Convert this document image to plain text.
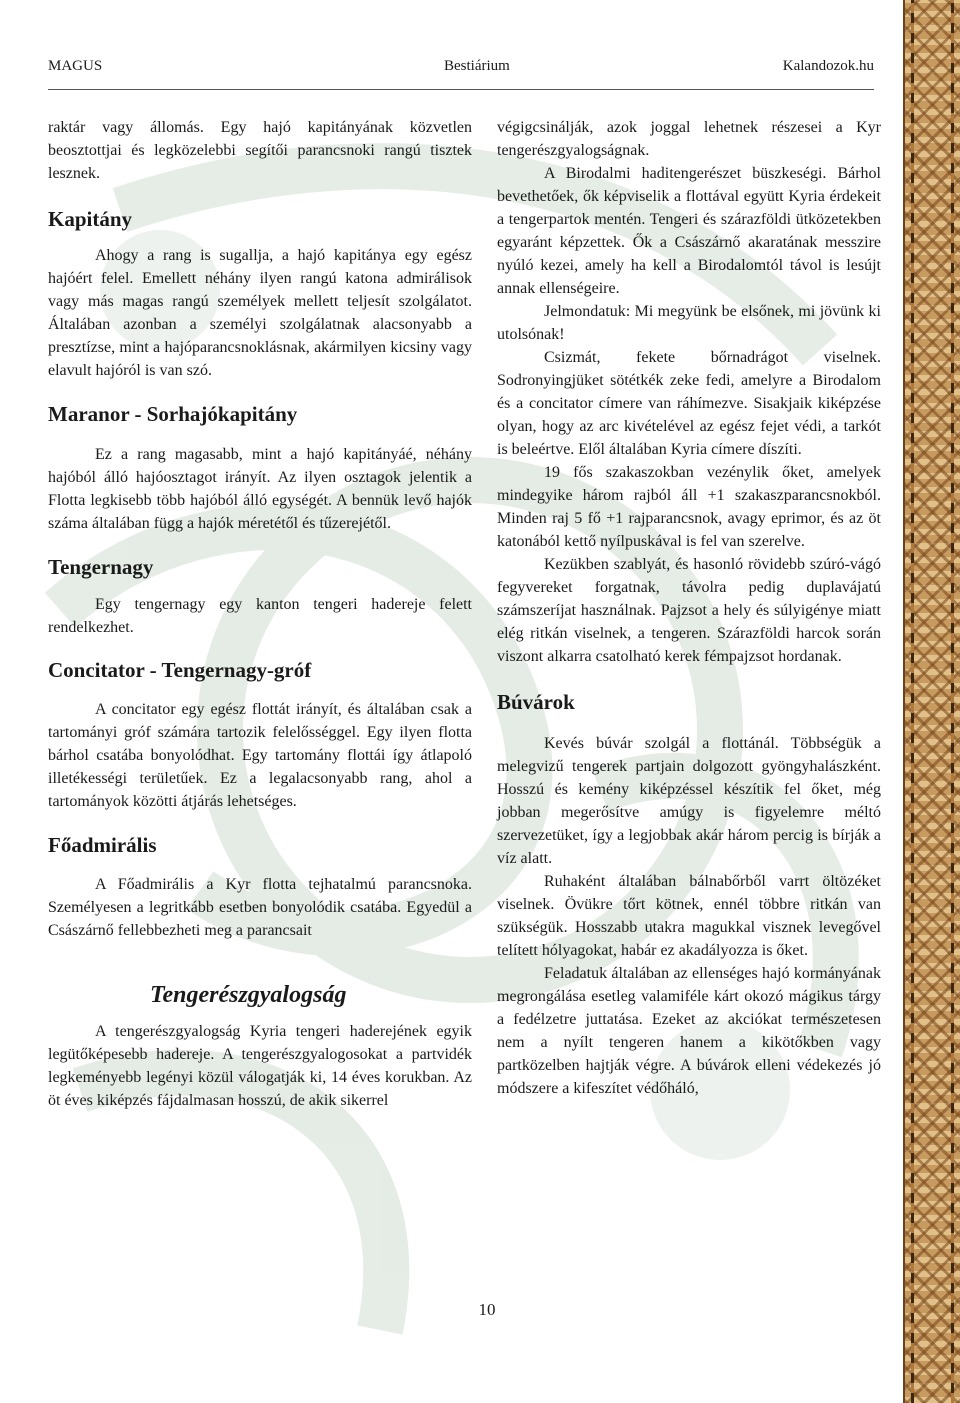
MAGUS	Bestiárium	Kalandozok.hu

raktár vagy állomás. Egy hajó kapitányának közvetlen beosztottjai és legközelebbi segítői parancsnoki rangú tisztek lesznek.

Kapitány

Ahogy a rang is sugallja, a hajó kapitánya egy egész hajóért felel. Emellett néhány ilyen rangú katona admirálisok vagy más magas rangú személyek mellett teljesít szolgálatot. Általában azonban a személyi szolgálatnak alacsonyabb a presztízse, mint a hajóparancsnoklásnak, akármilyen kicsiny vagy elavult hajóról is van szó.

Maranor - Sorhajókapitány

Ez a rang magasabb, mint a hajó kapitányáé, néhány hajóból álló hajóosztagot irányít. Az ilyen osztagok jelentik a Flotta legkisebb több hajóból álló egységét. A bennük levő hajók száma általában függ a hajók méretétől és tűzerejétől.

Tengernagy

Egy tengernagy egy kanton tengeri hadereje felett rendelkezhet.

Concitator - Tengernagy-gróf

A concitator egy egész flottát irányít, és általában csak a tartományi gróf számára tartozik felelősséggel. Egy ilyen flotta bárhol csatába bonyolódhat. Egy tartomány flottái így átlapoló illetékességi területűek. Ez a legalacsonyabb rang, ahol a tartományok közötti átjárás lehetséges.

Főadmirális

A Főadmirális a Kyr flotta tejhatalmú parancsnoka. Személyesen a legritkább esetben bonyolódik csatába. Egyedül a Császárnő fellebbezheti meg a parancsait

Tengerészgyalogság

A tengerészgyalogság Kyria tengeri haderejének egyik legütőképesebb hadereje. A tengerészgyalogosokat a partvidék legkeményebb legényi közül válogatják ki, 14 éves korukban. Az öt éves kiképzés fájdalmasan hosszú, de akik sikerrel

végigcsinálják, azok joggal lehetnek részesei a Kyr tengerészgyalogságnak.

A Birodalmi haditengerészet büszkeségi. Bárhol bevethetőek, ők képviselik a flottával együtt Kyria érdekeit a tengerpartok mentén. Tengeri és szárazföldi ütközetekben egyaránt képzettek. Ők a Császárnő akaratának messzire nyúló kezei, amely ha kell a Birodalomtól távol is lesújt annak ellenségeire.

Jelmondatuk: Mi megyünk be elsőnek, mi jövünk ki utolsónak!

Csizmát, fekete bőrnadrágot viselnek. Sodronyingjüket sötétkék zeke fedi, amelyre a Birodalom és a concitator címere van ráhímezve. Sisakjaik kiképzése olyan, hogy az arc kivételével az egész fejet védi, a tarkót is beleértve. Elől általában Kyria címere díszíti.

19 fős szakaszokban vezénylik őket, amelyek mindegyike három rajból áll +1 szakaszparancsnokból. Minden raj 5 fő +1 rajparancsnok, avagy eprimor, és az öt katonából kettő nyílpuskával is fel van szerelve.

Kezükben szablyát, és hasonló rövidebb szúró-vágó fegyvereket forgatnak, távolra pedig duplavájatú számszeríjat használnak. Pajzsot a hely és súlyigénye miatt elég ritkán viselnek, a tengeren. Szárazföldi harcok során viszont alkarra csatolható kerek fémpajzsot hordanak.

Búvárok

Kevés búvár szolgál a flottánál. Többségük a melegvizű tengerek partjain dolgozott gyöngyhalászként. Hosszú és kemény kiképzéssel készítik fel őket, még jobban megerősítve amúgy is figyelemre méltó szervezetüket, így a legjobbak akár három percig is bírják a víz alatt.

Ruhaként általában bálnabőrből varrt öltözéket viselnek. Övükre tőrt kötnek, ennél többre ritkán van szükségük. Hosszabb utakra magukkal visznek levegővel telített hólyagokat, habár ez akadályozza is őket.

Feladatuk általában az ellenséges hajó kormányának megrongálása esetleg valamiféle kárt okozó mágikus tárgy a fedélzetre juttatása. Ezeket az akciókat természetesen nem a nyílt tengeren hanem a kikötőkben vagy partközelben hajtják végre. A búvárok elleni védekezés jó módszere a kifeszítet védőháló,

10
